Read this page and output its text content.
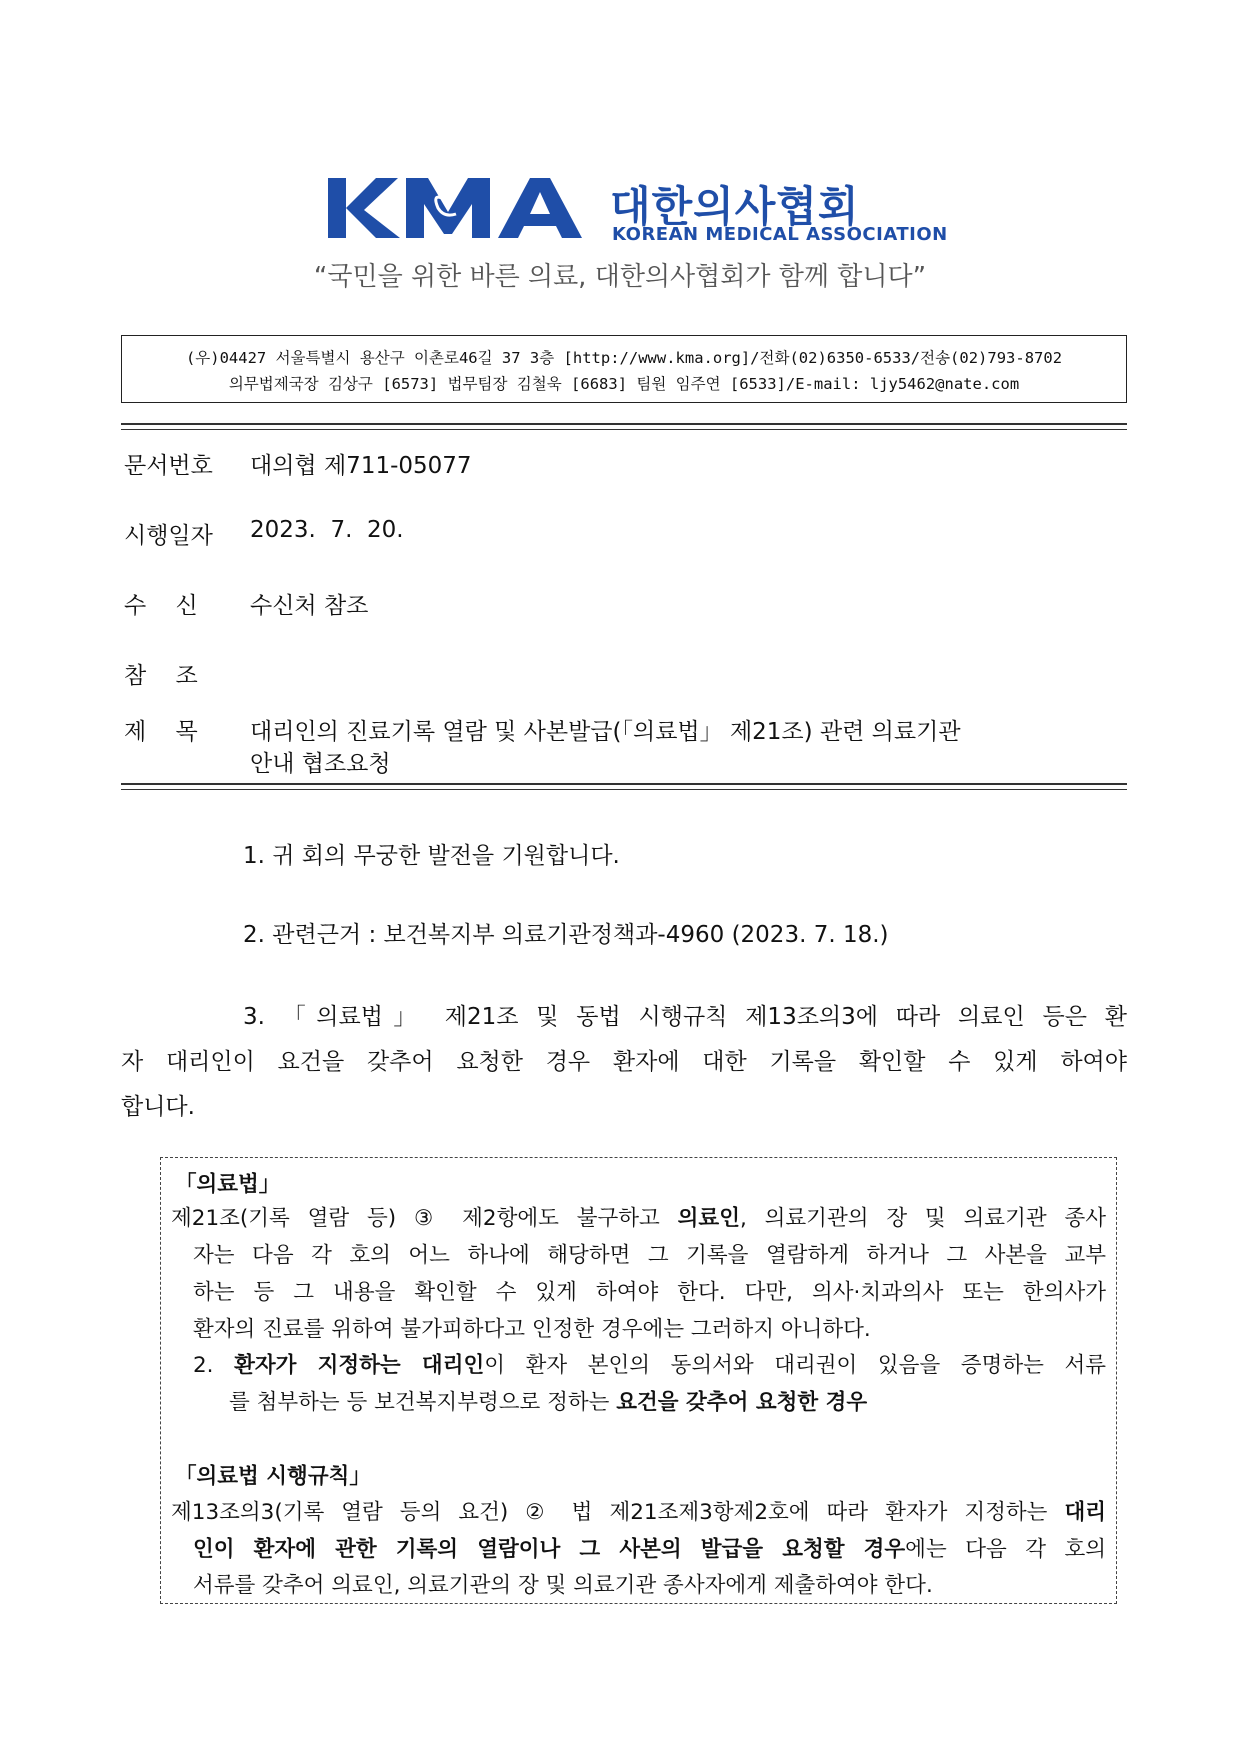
대한의사협회
KOREAN MEDICAL ASSOCIATION
“국민을 위한 바른 의료, 대한의사협회가 함께 합니다”
(우)04427 서울특별시 용산구 이촌로46길 37 3층 [http://www.kma.org]/전화(02)6350-6533/전송(02)793-8702
의무법제국장 김상구 [6573] 법무팀장 김철욱 [6683] 팀원 임주연 [6533]/E-mail: ljy5462@nate.com
문서번호 대의협 제711-05077
시행일자 2023.  7.  20.
수    신 수신처 참조
참    조
제    목 대리인의 진료기록 열람 및 사본발급(「의료법」 제21조) 관련 의료기관
안내 협조요청
1. 귀 회의 무궁한 발전을 기원합니다.
2. 관련근거 : 보건복지부 의료기관정책과-4960 (2023. 7. 18.)
3. 「의료법」 제21조 및 동법 시행규칙 제13조의3에 따라 의료인 등은 환
자 대리인이 요건을 갖추어 요청한 경우 환자에 대한 기록을 확인할 수 있게 하여야
합니다.
「의료법」
제21조(기록 열람 등) ③ 제2항에도 불구하고 의료인, 의료기관의 장 및 의료기관 종사
자는 다음 각 호의 어느 하나에 해당하면 그 기록을 열람하게 하거나 그 사본을 교부
하는 등 그 내용을 확인할 수 있게 하여야 한다. 다만, 의사·치과의사 또는 한의사가
환자의 진료를 위하여 불가피하다고 인정한 경우에는 그러하지 아니하다.
2. 환자가 지정하는 대리인이 환자 본인의 동의서와 대리권이 있음을 증명하는 서류
를 첨부하는 등 보건복지부령으로 정하는 요건을 갖추어 요청한 경우
「의료법 시행규칙」
제13조의3(기록 열람 등의 요건) ② 법 제21조제3항제2호에 따라 환자가 지정하는 대리
인이 환자에 관한 기록의 열람이나 그 사본의 발급을 요청할 경우에는 다음 각 호의
서류를 갖추어 의료인, 의료기관의 장 및 의료기관 종사자에게 제출하여야 한다.
